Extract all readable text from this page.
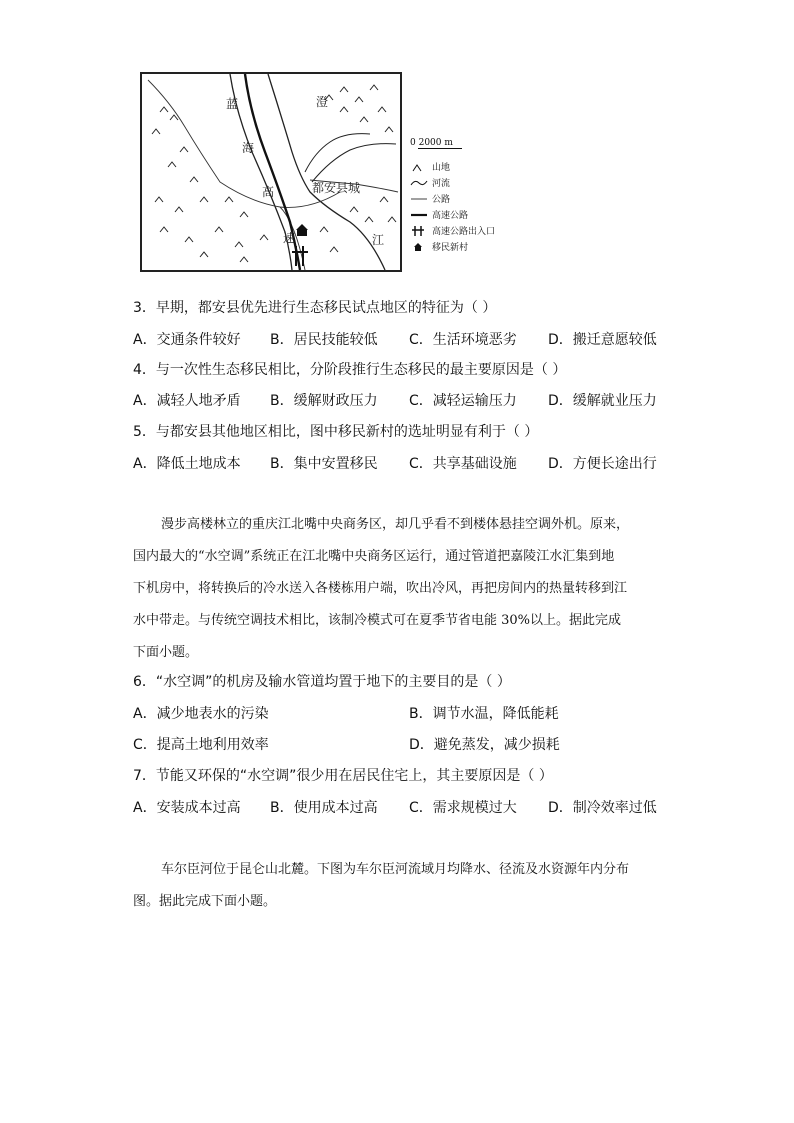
蓝
海
高
速
澄
江
都安县城
0 2000 m
山地
河流
公路
高速公路
高速公路出入口
移民新村
3．早期，都安县优先进行生态移民试点地区的特征为（ ）
A．交通条件较好 B．居民技能较低 C．生活环境恶劣 D．搬迁意愿较低
4．与一次性生态移民相比，分阶段推行生态移民的最主要原因是（ ）
A．减轻人地矛盾 B．缓解财政压力 C．减轻运输压力 D．缓解就业压力
5．与都安县其他地区相比，图中移民新村的选址明显有利于（ ）
A．降低土地成本 B．集中安置移民 C．共享基础设施 D．方便长途出行
漫步高楼林立的重庆江北嘴中央商务区，却几乎看不到楼体悬挂空调外机。原来，
国内最大的“水空调”系统正在江北嘴中央商务区运行，通过管道把嘉陵江水汇集到地
下机房中，将转换后的冷水送入各楼栋用户端，吹出冷风，再把房间内的热量转移到江
水中带走。与传统空调技术相比，该制冷模式可在夏季节省电能 30%以上。据此完成
下面小题。
6．“水空调”的机房及输水管道均置于地下的主要目的是（ ）
A．减少地表水的污染	B．调节水温，降低能耗
C．提高土地利用效率	D．避免蒸发，减少损耗
7．节能又环保的“水空调”很少用在居民住宅上，其主要原因是（ ）
A．安装成本过高 B．使用成本过高 C．需求规模过大 D．制冷效率过低
车尔臣河位于昆仑山北麓。下图为车尔臣河流域月均降水、径流及水资源年内分布
图。据此完成下面小题。
